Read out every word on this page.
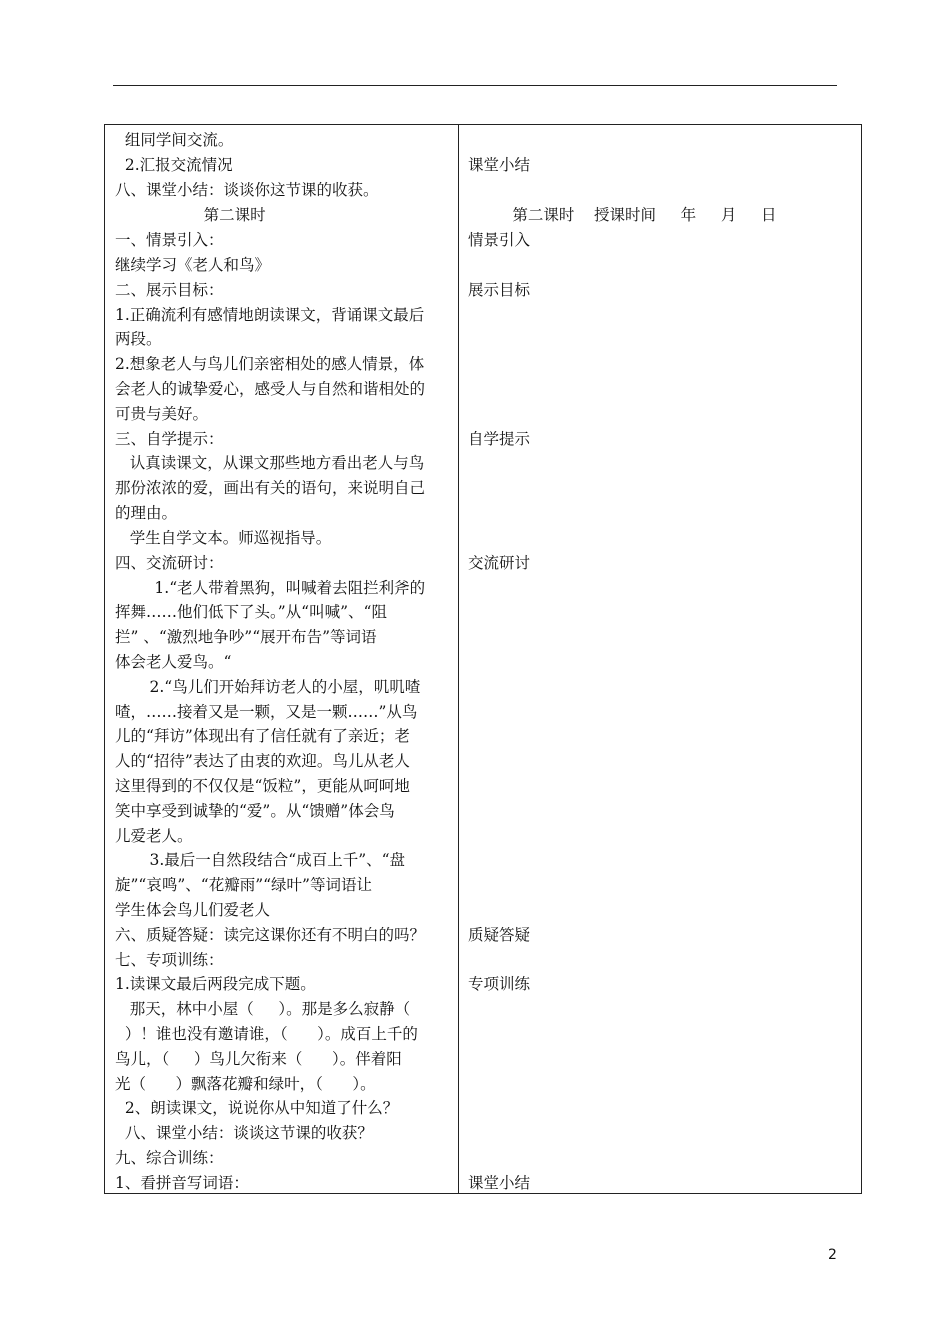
组同学间交流。
2.汇报交流情况
八、课堂小结：谈谈你这节课的收获。
第二课时
一、情景引入：
继续学习《老人和鸟》
二、展示目标：
1.正确流利有感情地朗读课文，背诵课文最后
两段。
2.想象老人与鸟儿们亲密相处的感人情景，体
会老人的诚挚爱心，感受人与自然和谐相处的
可贵与美好。
三、自学提示：
认真读课文，从课文那些地方看出老人与鸟
那份浓浓的爱，画出有关的语句，来说明自己
的理由。
学生自学文本。师巡视指导。
四、交流研讨：
1.“老人带着黑狗，叫喊着去阻拦利斧的
挥舞……他们低下了头。”从“叫喊”、“阻
拦” 、“激烈地争吵”“展开布告”等词语
体会老人爱鸟。“
2.“鸟儿们开始拜访老人的小屋，叽叽喳
喳，……接着又是一颗，又是一颗……”从鸟
儿的“拜访”体现出有了信任就有了亲近；老
人的“招待”表达了由衷的欢迎。鸟儿从老人
这里得到的不仅仅是“饭粒”，更能从呵呵地
笑中享受到诚挚的“爱”。从“馈赠”体会鸟
儿爱老人。
3.最后一自然段结合“成百上千”、“盘
旋”“哀鸣”、“花瓣雨”“绿叶”等词语让
学生体会鸟儿们爱老人
六、质疑答疑：读完这课你还有不明白的吗？
七、专项训练：
1.读课文最后两段完成下题。
那天，林中小屋（     ）。那是多么寂静（
）！谁也没有邀请谁，（      ）。成百上千的
鸟儿，（     ）鸟儿欠衔来（      ）。伴着阳
光（      ）飘落花瓣和绿叶，（      ）。
2、朗读课文，说说你从中知道了什么？
八、课堂小结：谈谈这节课的收获？
九、综合训练：
1、看拼音写词语：
课堂小结
第二课时    授课时间     年     月     日
情景引入
展示目标
自学提示
交流研讨
质疑答疑
专项训练
课堂小结
2
